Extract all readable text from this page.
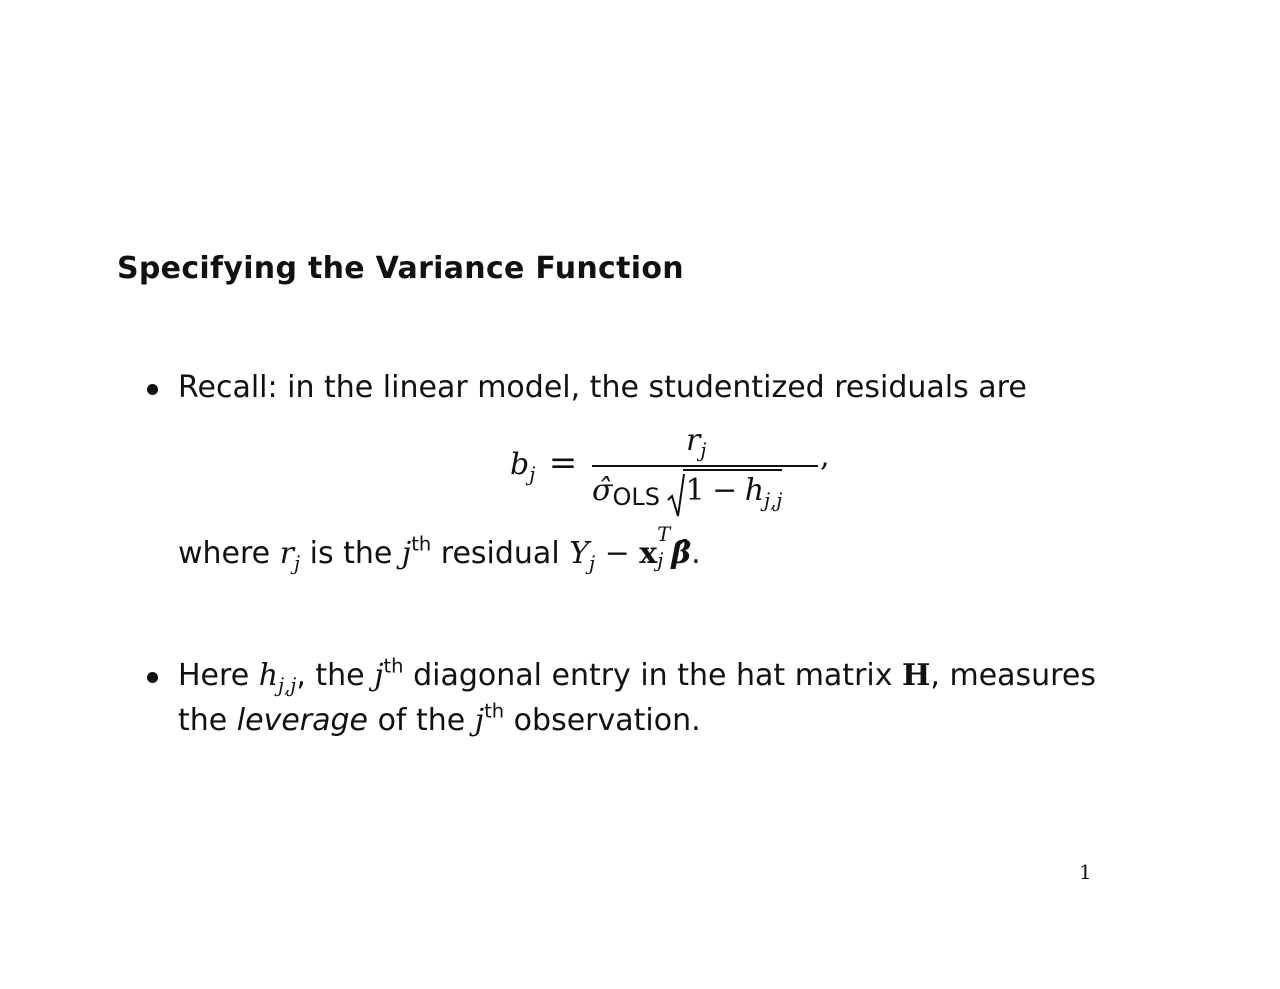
Specifying the Variance Function
Recall: in the linear model, the studentized residuals are
$b_j$ =
$r_j$
$\sigmâ_{OLS}$ $1 - h_{j,j}$
,
where $r_j$ is the $j^{th}$ residual $Y_j - x$
T
j β̂.
Here $h_{j,j}$, the $j^{th}$ diagonal entry in the hat matrix H, measures
the leverage of the $j^{th}$ observation.
1
